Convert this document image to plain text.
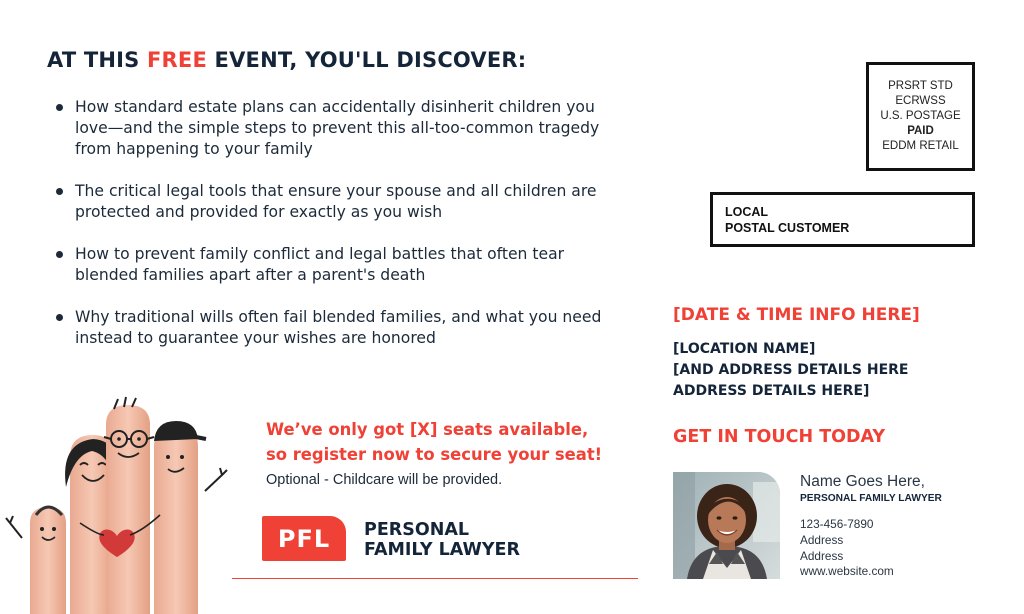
AT THIS FREE EVENT, YOU'LL DISCOVER:
How standard estate plans can accidentally disinherit children you love—and the simple steps to prevent this all-too-common tragedy from happening to your family
The critical legal tools that ensure your spouse and all children are protected and provided for exactly as you wish
How to prevent family conflict and legal battles that often tear blended families apart after a parent's death
Why traditional wills often fail blended families, and what you need instead to guarantee your wishes are honored
PRSRT STD
ECRWSS
U.S. POSTAGE
PAID
EDDM RETAIL
LOCAL
POSTAL CUSTOMER
[DATE & TIME INFO HERE]
[LOCATION NAME]
[AND ADDRESS DETAILS HERE
ADDRESS DETAILS HERE]
GET IN TOUCH TODAY
Name Goes Here,
PERSONAL FAMILY LAWYER
123-456-7890
Address
Address
www.website.com
We’ve only got [X] seats available,
so register now to secure your seat!
Optional - Childcare will be provided.
PFL	PERSONAL
FAMILY LAWYER
